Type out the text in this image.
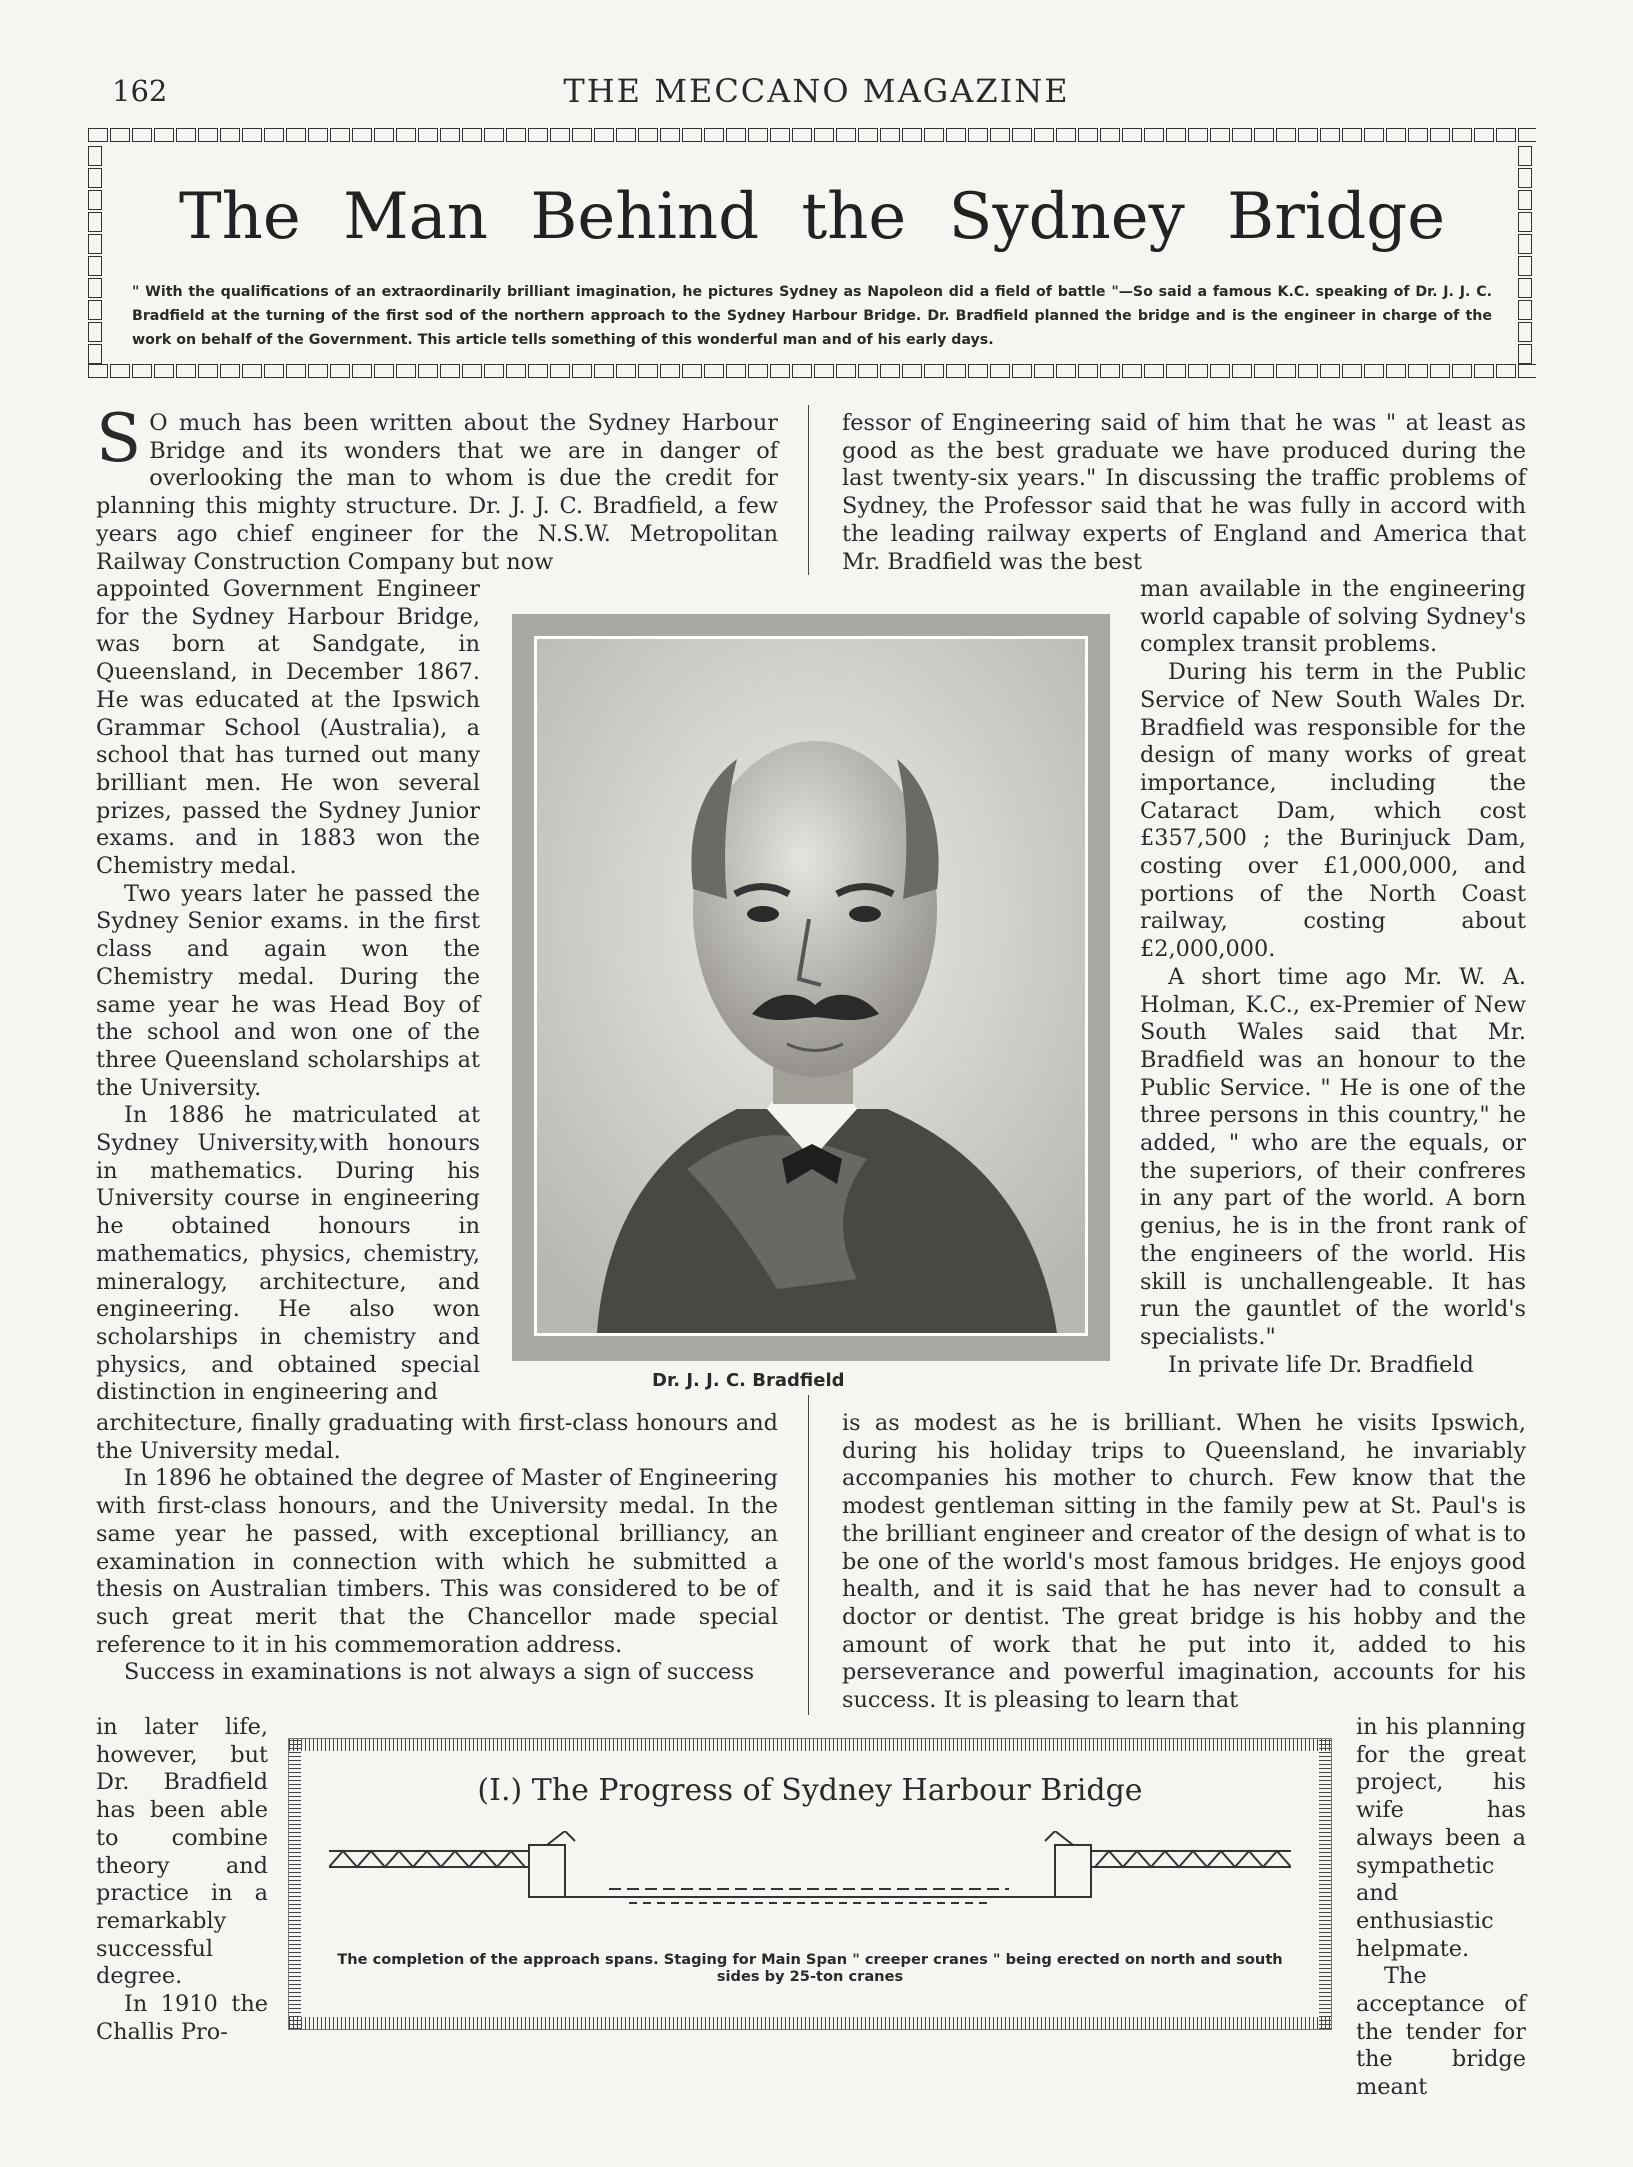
162	THE MECCANO MAGAZINE
The Man Behind the Sydney Bridge
" With the qualifications of an extraordinarily brilliant imagination, he pictures Sydney as Napoleon did a field of battle "—So said a famous K.C. speaking of Dr. J. J. C. Bradfield at the turning of the first sod of the northern approach to the Sydney Harbour Bridge. Dr. Bradfield planned the bridge and is the engineer in charge of the work on behalf of the Government. This article tells something of this wonderful man and of his early days.
S O much has been written about the Sydney Harbour Bridge and its wonders that we are in danger of overlooking the man to whom is due the credit for planning this mighty structure. Dr. J. J. C. Bradfield, a few years ago chief engineer for the N.S.W. Metropolitan Railway Construction Company but now

appointed Government Engineer for the Sydney Harbour Bridge, was born at Sandgate, in Queensland, in December 1867. He was educated at the Ipswich Grammar School (Australia), a school that has turned out many brilliant men. He won several prizes, passed the Sydney Junior exams. and in 1883 won the Chemistry medal.

Two years later he passed the Sydney Senior exams. in the first class and again won the Chemistry medal. During the same year he was Head Boy of the school and won one of the three Queensland scholarships at the University.

In 1886 he matriculated at Sydney University,with honours in mathematics. During his University course in engineering he obtained honours in mathematics, physics, chemistry, mineralogy, architecture, and engineering. He also won scholarships in chemistry and physics, and obtained special distinction in engineering and

architecture, finally graduating with first-class honours and the University medal.

In 1896 he obtained the degree of Master of Engineering with first-class honours, and the University medal. In the same year he passed, with exceptional brilliancy, an examination in connection with which he submitted a thesis on Australian timbers. This was considered to be of such great merit that the Chancellor made special reference to it in his commemoration address.

Success in examinations is not always a sign of success

in later life, however, but Dr. Bradfield has been able to combine theory and practice in a remarkably successful degree.

In 1910 the Challis Pro-

fessor of Engineering said of him that he was " at least as good as the best graduate we have produced during the last twenty-six years." In discussing the traffic problems of Sydney, the Professor said that he was fully in accord with the leading railway experts of England and America that Mr. Bradfield was the best

man available in the engineering world capable of solving Sydney's complex transit problems.

During his term in the Public Service of New South Wales Dr. Bradfield was responsible for the design of many works of great importance, including the Cataract Dam, which cost £357,500 ; the Burinjuck Dam, costing over £1,000,000, and portions of the North Coast railway, costing about £2,000,000.

A short time ago Mr. W. A. Holman, K.C., ex-Premier of New South Wales said that Mr. Bradfield was an honour to the Public Service. " He is one of the three persons in this country," he added, " who are the equals, or the superiors, of their confreres in any part of the world. A born genius, he is in the front rank of the engineers of the world. His skill is unchallengeable. It has run the gauntlet of the world's specialists."

In private life Dr. Bradfield

is as modest as he is brilliant. When he visits Ipswich, during his holiday trips to Queensland, he invariably accompanies his mother to church. Few know that the modest gentleman sitting in the family pew at St. Paul's is the brilliant engineer and creator of the design of what is to be one of the world's most famous bridges. He enjoys good health, and it is said that he has never had to consult a doctor or dentist. The great bridge is his hobby and the amount of work that he put into it, added to his perseverance and powerful imagination, accounts for his success. It is pleasing to learn that

in his planning for the great project, his wife has always been a sympathetic and enthusiastic helpmate.

The acceptance of the tender for the bridge meant

Dr. J. J. C. Bradfield
(I.) The Progress of Sydney Harbour Bridge
The completion of the approach spans. Staging for Main Span " creeper cranes " being erected on north and south sides by 25-ton cranes
